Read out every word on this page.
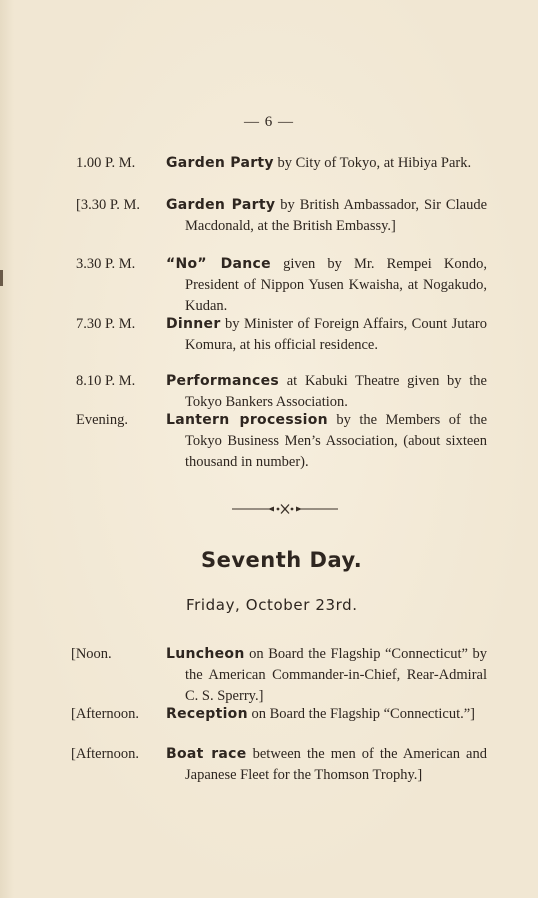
— 6 —
1.00 P. M. Garden Party by City of Tokyo, at Hibiya Park.
[3.30 P. M. Garden Party by British Ambassador, Sir Claude Macdonald, at the British Embassy.]
3.30 P. M. “No” Dance given by Mr. Rempei Kondo, President of Nippon Yusen Kwaisha, at Nogakudo, Kudan.
7.30 P. M. Dinner by Minister of Foreign Affairs, Count Jutaro Komura, at his official residence.
8.10 P. M. Performances at Kabuki Theatre given by the Tokyo Bankers Association.
Evening.	Lantern procession by the Members of the Tokyo Business Men’s Association, (about sixteen thousand in number).
Seventh Day.
Friday, October 23rd.
[Noon.	Luncheon on Board the Flagship “Connecticut” by the American Commander-in-Chief, Rear-Admiral C. S. Sperry.]
[Afternoon. Reception on Board the Flagship “Connecticut.”]
[Afternoon. Boat race between the men of the American and Japanese Fleet for the Thomson Trophy.]
